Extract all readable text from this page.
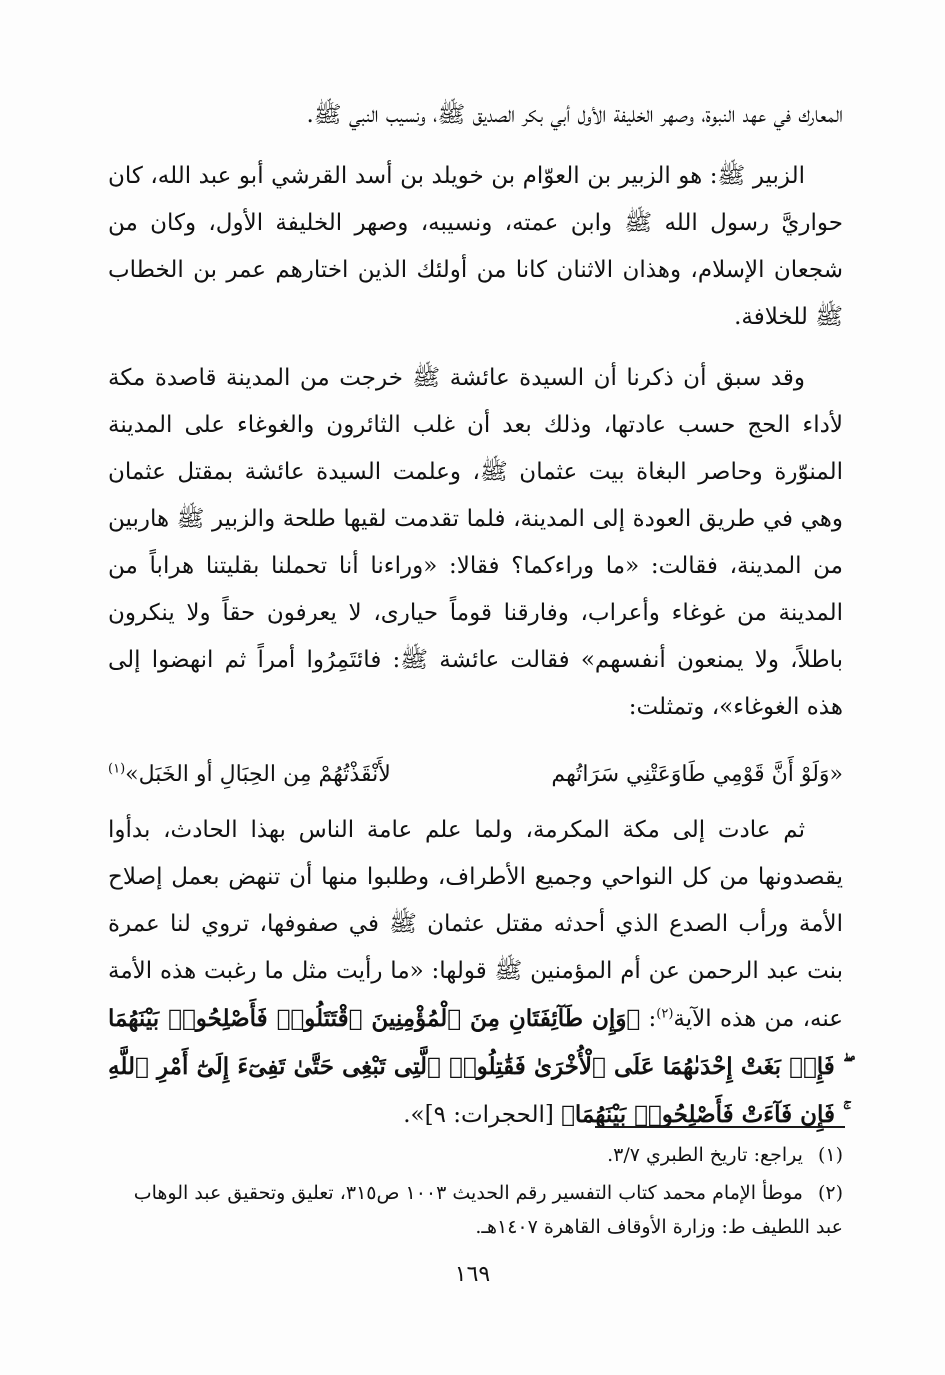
المعارك في عهد النبوة، وصهر الخليفة الأول أبي بكر الصديق ﷺ، ونسيب النبي ﷺ.

الزبير ﷺ: هو الزبير بن العوّام بن خويلد بن أسد القرشي أبو عبد الله، كان حواريَّ رسول الله ﷺ وابن عمته، ونسيبه، وصهر الخليفة الأول، وكان من شجعان الإسلام، وهذان الاثنان كانا من أولئك الذين اختارهم عمر بن الخطاب ﷺ للخلافة.

وقد سبق أن ذكرنا أن السيدة عائشة ﷺ خرجت من المدينة قاصدة مكة لأداء الحج حسب عادتها، وذلك بعد أن غلب الثائرون والغوغاء على المدينة المنوّرة وحاصر البغاة بيت عثمان ﷺ، وعلمت السيدة عائشة بمقتل عثمان وهي في طريق العودة إلى المدينة، فلما تقدمت لقيها طلحة والزبير ﷺ هاربين من المدينة، فقالت: «ما وراءكما؟ فقالا: «وراءنا أنا تحملنا بقليتنا هراباً من المدينة من غوغاء وأعراب، وفارقنا قوماً حيارى، لا يعرفون حقاً ولا ينكرون باطلاً، ولا يمنعون أنفسهم» فقالت عائشة ﷺ: فائتَمِرُوا أمراً ثم انهضوا إلى هذه الغوغاء»، وتمثلت:

«وَلَوْ أَنَّ قَوْمِي طَاوَعَتْنِي سَرَاتُهم
لأَنْقَذْتُهُمْ مِن الحِبَالِ أو الخَبَل»$^{(١)}$

ثم عادت إلى مكة المكرمة، ولما علم عامة الناس بهذا الحادث، بدأوا يقصدونها من كل النواحي وجميع الأطراف، وطلبوا منها أن تنهض بعمل إصلاح الأمة ورأب الصدع الذي أحدثه مقتل عثمان ﷺ في صفوفها، تروي لنا عمرة بنت عبد الرحمن عن أم المؤمنين ﷺ قولها: «ما رأيت مثل ما رغبت هذه الأمة عنه، من هذه الآية$^{(٢)}$: ﴿وَإِن طَآئِفَتَانِ مِنَ ٱلْمُؤْمِنِينَ ٱقْتَتَلُوا۟ فَأَصْلِحُوا۟ بَيْنَهُمَا ۖ فَإِنۢ بَغَتْ إِحْدَىٰهُمَا عَلَى ٱلْأُخْرَىٰ فَقَٰتِلُوا۟ ٱلَّتِى تَبْغِى حَتَّىٰ تَفِىٓءَ إِلَىٰٓ أَمْرِ ٱللَّهِ ۚ فَإِن فَآءَتْ فَأَصْلِحُوا۟ بَيْنَهُمَا﴾ [الحجرات: ٩]».

(١) يراجع: تاريخ الطبري ٣/٧.
(٢) موطأ الإمام محمد كتاب التفسير رقم الحديث ١٠٠٣ ص٣١٥، تعليق وتحقيق عبد الوهاب عبد اللطيف ط: وزارة الأوقاف القاهرة ١٤٠٧هـ.
١٦٩
